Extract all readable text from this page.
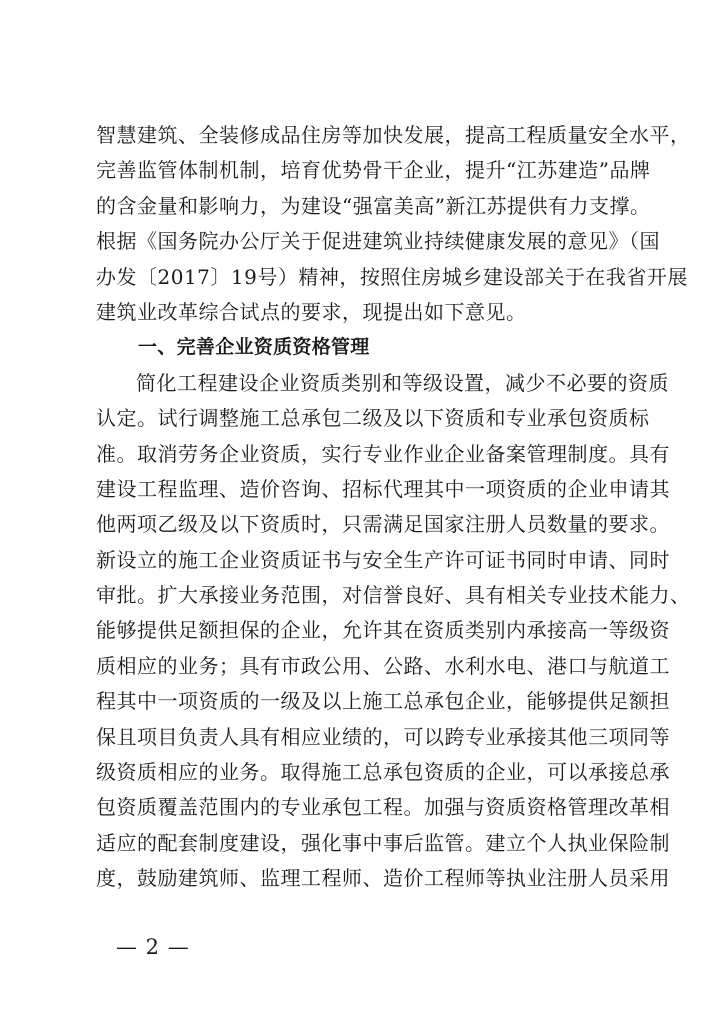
智慧建筑、全装修成品住房等加快发展，提高工程质量安全水平，
完善监管体制机制，培育优势骨干企业，提升“江苏建造”品牌
的含金量和影响力，为建设“强富美高”新江苏提供有力支撑。
根据《国务院办公厅关于促进建筑业持续健康发展的意见》（国
办发〔2017〕19号）精神，按照住房城乡建设部关于在我省开展
建筑业改革综合试点的要求，现提出如下意见。
一、完善企业资质资格管理
简化工程建设企业资质类别和等级设置，减少不必要的资质
认定。试行调整施工总承包二级及以下资质和专业承包资质标
准。取消劳务企业资质，实行专业作业企业备案管理制度。具有
建设工程监理、造价咨询、招标代理其中一项资质的企业申请其
他两项乙级及以下资质时，只需满足国家注册人员数量的要求。
新设立的施工企业资质证书与安全生产许可证书同时申请、同时
审批。扩大承接业务范围，对信誉良好、具有相关专业技术能力、
能够提供足额担保的企业，允许其在资质类别内承接高一等级资
质相应的业务；具有市政公用、公路、水利水电、港口与航道工
程其中一项资质的一级及以上施工总承包企业，能够提供足额担
保且项目负责人具有相应业绩的，可以跨专业承接其他三项同等
级资质相应的业务。取得施工总承包资质的企业，可以承接总承
包资质覆盖范围内的专业承包工程。加强与资质资格管理改革相
适应的配套制度建设，强化事中事后监管。建立个人执业保险制
度，鼓励建筑师、监理工程师、造价工程师等执业注册人员采用
— 2 —
